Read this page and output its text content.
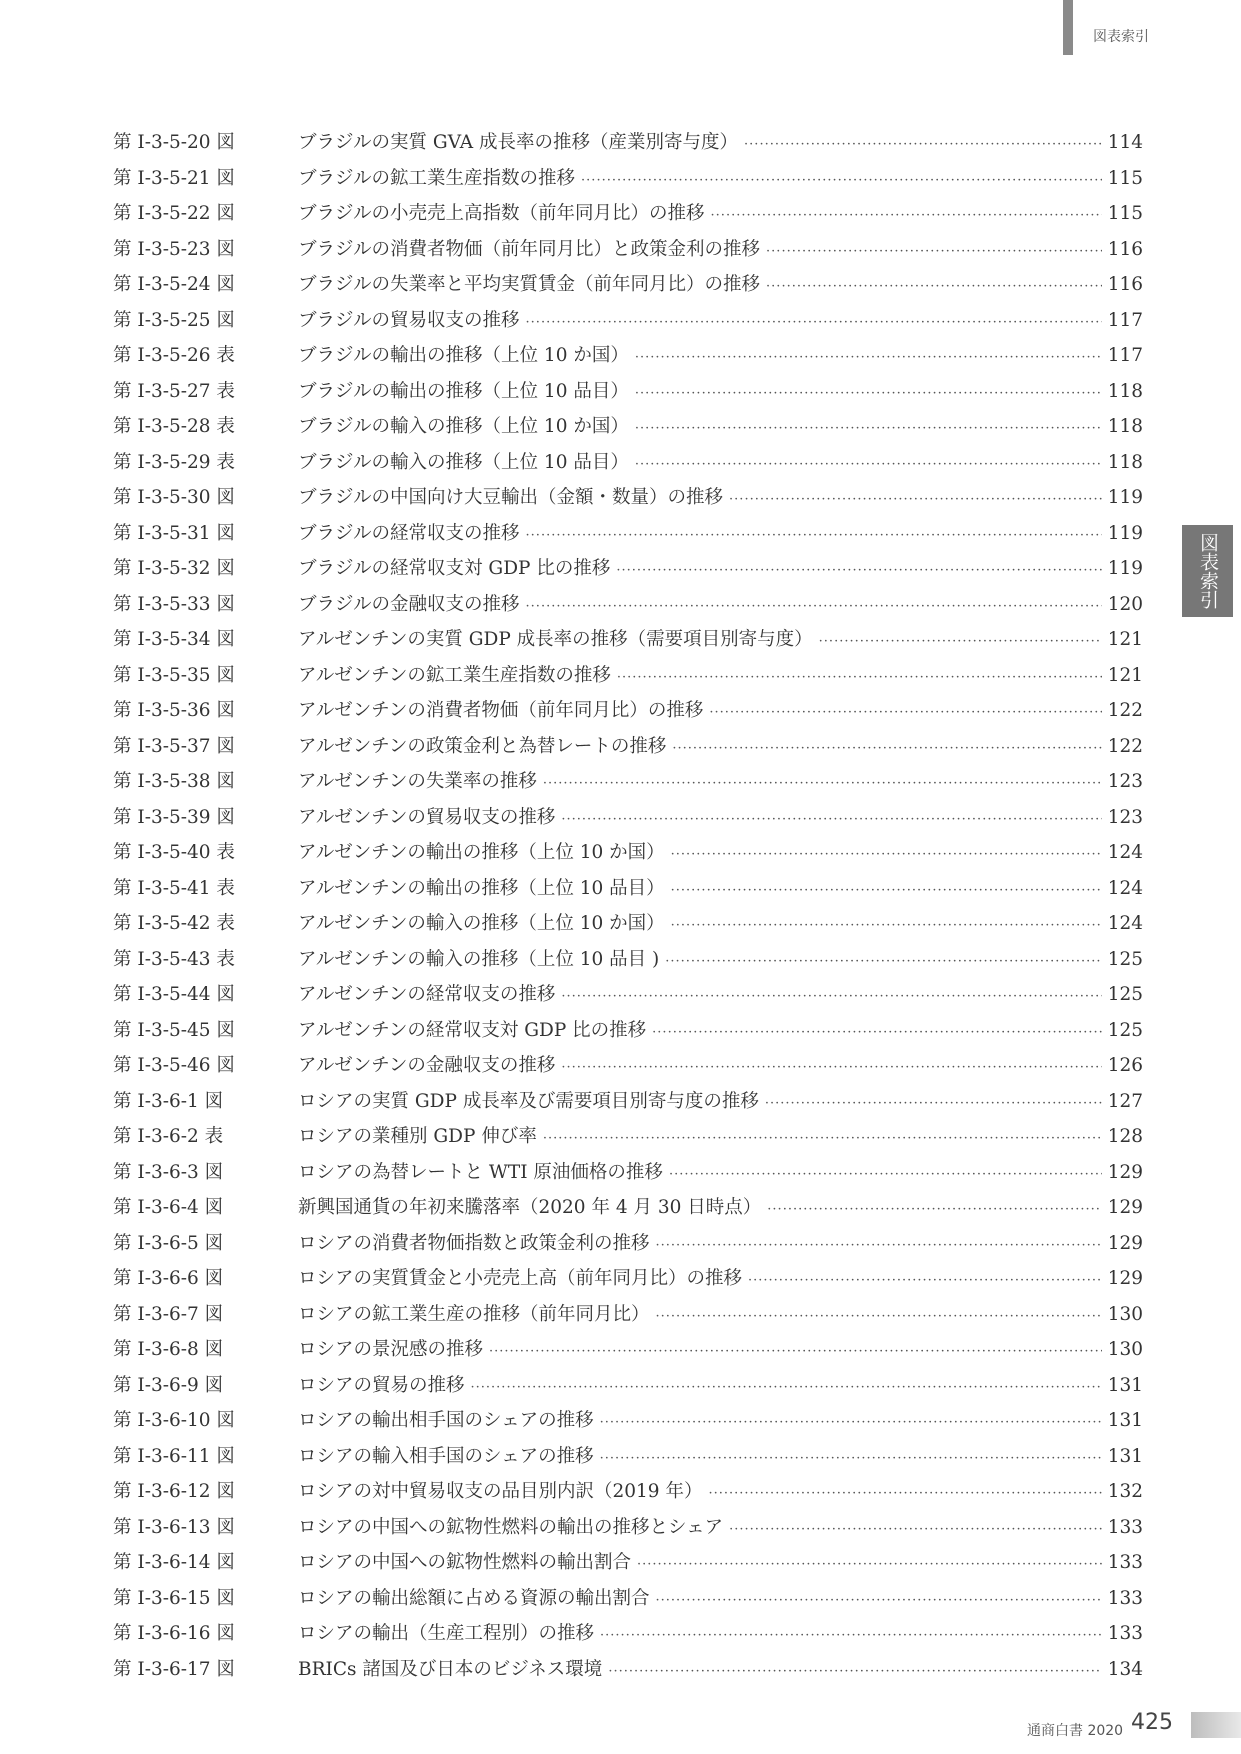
図表索引
図表索引
第 I-3-5-20 図	ブラジルの実質 GVA 成長率の推移（産業別寄与度） ·····	114
第 I-3-5-21 図	ブラジルの鉱工業生産指数の推移 ·····	115
第 I-3-5-22 図	ブラジルの小売売上高指数（前年同月比）の推移 ·····	115
第 I-3-5-23 図	ブラジルの消費者物価（前年同月比）と政策金利の推移 ·····	116
第 I-3-5-24 図	ブラジルの失業率と平均実質賃金（前年同月比）の推移 ·····	116
第 I-3-5-25 図	ブラジルの貿易収支の推移 ·····	117
第 I-3-5-26 表	ブラジルの輸出の推移（上位 10 か国） ·····	117
第 I-3-5-27 表	ブラジルの輸出の推移（上位 10 品目） ·····	118
第 I-3-5-28 表	ブラジルの輸入の推移（上位 10 か国） ·····	118
第 I-3-5-29 表	ブラジルの輸入の推移（上位 10 品目） ·····	118
第 I-3-5-30 図	ブラジルの中国向け大豆輸出（金額・数量）の推移 ·····	119
第 I-3-5-31 図	ブラジルの経常収支の推移 ·····	119
第 I-3-5-32 図	ブラジルの経常収支対 GDP 比の推移 ·····	119
第 I-3-5-33 図	ブラジルの金融収支の推移 ·····	120
第 I-3-5-34 図	アルゼンチンの実質 GDP 成長率の推移（需要項目別寄与度） ·····	121
第 I-3-5-35 図	アルゼンチンの鉱工業生産指数の推移 ·····	121
第 I-3-5-36 図	アルゼンチンの消費者物価（前年同月比）の推移 ·····	122
第 I-3-5-37 図	アルゼンチンの政策金利と為替レートの推移 ·····	122
第 I-3-5-38 図	アルゼンチンの失業率の推移 ·····	123
第 I-3-5-39 図	アルゼンチンの貿易収支の推移 ·····	123
第 I-3-5-40 表	アルゼンチンの輸出の推移（上位 10 か国） ·····	124
第 I-3-5-41 表	アルゼンチンの輸出の推移（上位 10 品目） ·····	124
第 I-3-5-42 表	アルゼンチンの輸入の推移（上位 10 か国） ·····	124
第 I-3-5-43 表	アルゼンチンの輸入の推移（上位 10 品目 ) ·····	125
第 I-3-5-44 図	アルゼンチンの経常収支の推移 ·····	125
第 I-3-5-45 図	アルゼンチンの経常収支対 GDP 比の推移 ·····	125
第 I-3-5-46 図	アルゼンチンの金融収支の推移 ·····	126
第 I-3-6-1 図	ロシアの実質 GDP 成長率及び需要項目別寄与度の推移 ·····	127
第 I-3-6-2 表	ロシアの業種別 GDP 伸び率 ·····	128
第 I-3-6-3 図	ロシアの為替レートと WTI 原油価格の推移 ·····	129
第 I-3-6-4 図	新興国通貨の年初来騰落率（2020 年 4 月 30 日時点） ·····	129
第 I-3-6-5 図	ロシアの消費者物価指数と政策金利の推移 ·····	129
第 I-3-6-6 図	ロシアの実質賃金と小売売上高（前年同月比）の推移 ·····	129
第 I-3-6-7 図	ロシアの鉱工業生産の推移（前年同月比） ·····	130
第 I-3-6-8 図	ロシアの景況感の推移 ·····	130
第 I-3-6-9 図	ロシアの貿易の推移 ·····	131
第 I-3-6-10 図	ロシアの輸出相手国のシェアの推移 ·····	131
第 I-3-6-11 図	ロシアの輸入相手国のシェアの推移 ·····	131
第 I-3-6-12 図	ロシアの対中貿易収支の品目別内訳（2019 年） ·····	132
第 I-3-6-13 図	ロシアの中国への鉱物性燃料の輸出の推移とシェア ·····	133
第 I-3-6-14 図	ロシアの中国への鉱物性燃料の輸出割合 ·····	133
第 I-3-6-15 図	ロシアの輸出総額に占める資源の輸出割合 ·····	133
第 I-3-6-16 図	ロシアの輸出（生産工程別）の推移 ·····	133
第 I-3-6-17 図	BRICs 諸国及び日本のビジネス環境 ·····	134
通商白書 2020 425
